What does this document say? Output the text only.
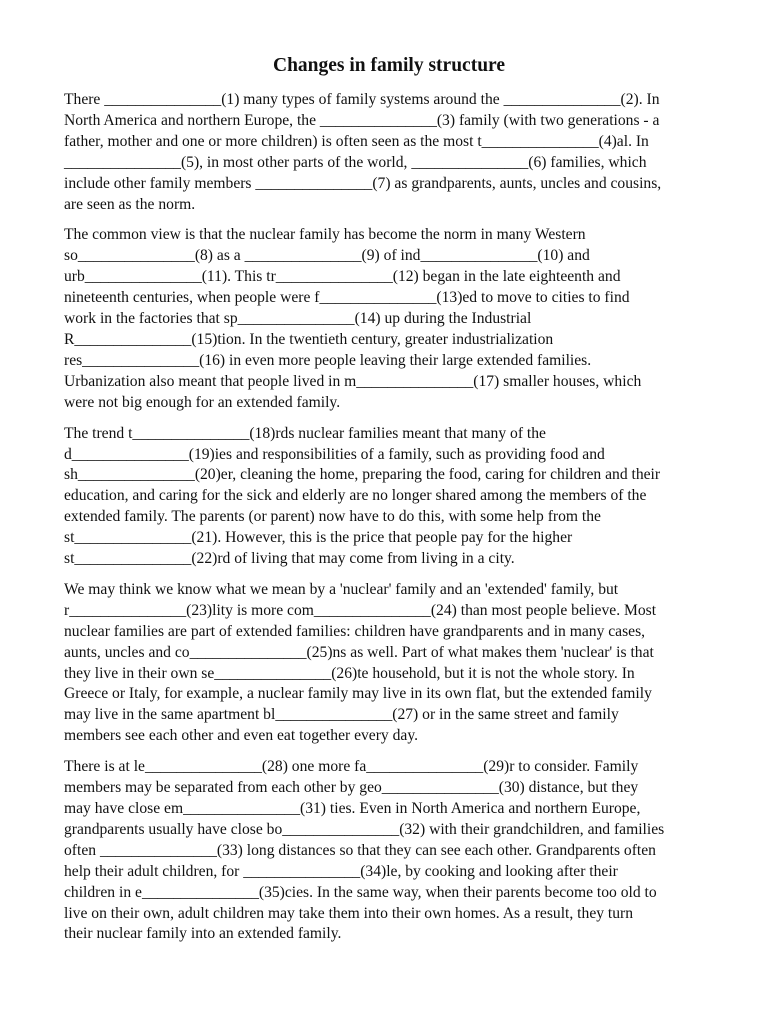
Changes in family structure

There _______________(1) many types of family systems around the _______________(2). In
North America and northern Europe, the _______________(3) family (with two generations - a
father, mother and one or more children) is often seen as the most t_______________(4)al. In
_______________(5), in most other parts of the world, _______________(6) families, which
include other family members _______________(7) as grandparents, aunts, uncles and cousins,
are seen as the norm.

The common view is that the nuclear family has become the norm in many Western
so_______________(8) as a _______________(9) of ind_______________(10) and
urb_______________(11). This tr_______________(12) began in the late eighteenth and
nineteenth centuries, when people were f_______________(13)ed to move to cities to find
work in the factories that sp_______________(14) up during the Industrial
R_______________(15)tion. In the twentieth century, greater industrialization
res_______________(16) in even more people leaving their large extended families.
Urbanization also meant that people lived in m_______________(17) smaller houses, which
were not big enough for an extended family.

The trend t_______________(18)rds nuclear families meant that many of the
d_______________(19)ies and responsibilities of a family, such as providing food and
sh_______________(20)er, cleaning the home, preparing the food, caring for children and their
education, and caring for the sick and elderly are no longer shared among the members of the
extended family. The parents (or parent) now have to do this, with some help from the
st_______________(21). However, this is the price that people pay for the higher
st_______________(22)rd of living that may come from living in a city.

We may think we know what we mean by a 'nuclear' family and an 'extended' family, but
r_______________(23)lity is more com_______________(24) than most people believe. Most
nuclear families are part of extended families: children have grandparents and in many cases,
aunts, uncles and co_______________(25)ns as well. Part of what makes them 'nuclear' is that
they live in their own se_______________(26)te household, but it is not the whole story. In
Greece or Italy, for example, a nuclear family may live in its own flat, but the extended family
may live in the same apartment bl_______________(27) or in the same street and family
members see each other and even eat together every day.

There is at le_______________(28) one more fa_______________(29)r to consider. Family
members may be separated from each other by geo_______________(30) distance, but they
may have close em_______________(31) ties. Even in North America and northern Europe,
grandparents usually have close bo_______________(32) with their grandchildren, and families
often _______________(33) long distances so that they can see each other. Grandparents often
help their adult children, for _______________(34)le, by cooking and looking after their
children in e_______________(35)cies. In the same way, when their parents become too old to
live on their own, adult children may take them into their own homes. As a result, they turn
their nuclear family into an extended family.
